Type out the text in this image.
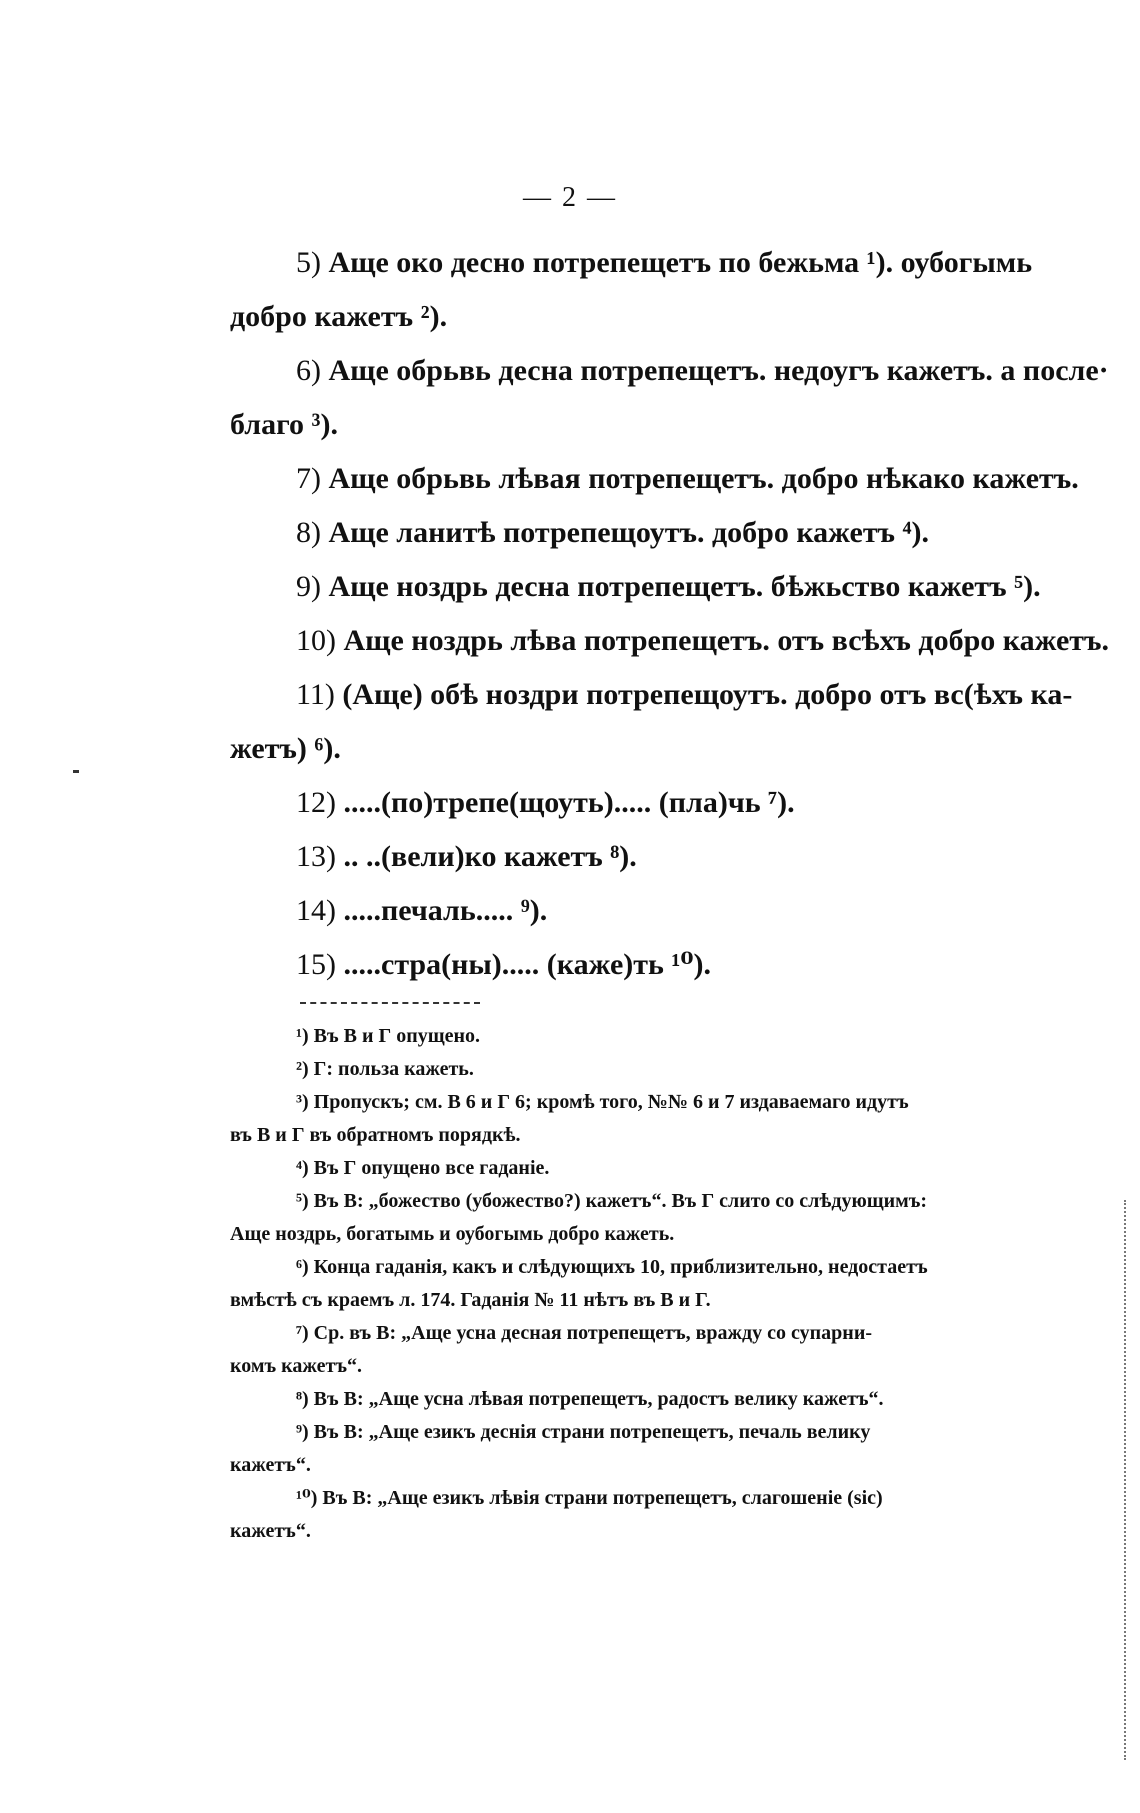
— 2 —
5) Аще око десно потрепещетъ по бежьма ¹). оубогымь
добро кажетъ ²).
6) Аще обрьвь десна потрепещетъ. недоугъ кажетъ. а после·
благо ³).
7) Аще обрьвь лѣвая потрепещетъ. добро нѣкако кажетъ.
8) Аще ланитѣ потрепещоутъ. добро кажетъ ⁴).
9) Аще ноздрь десна потрепещетъ. бѣжьство кажетъ ⁵).
10) Аще ноздрь лѣва потрепещетъ. отъ всѣхъ добро кажетъ.
11) (Аще) обѣ ноздри потрепещоутъ. добро отъ вс(ѣхъ ка-
жетъ) ⁶).
12) .....(по)трепе(щоуть)..... (пла)чь ⁷).
13) .. ..(вели)ко кажетъ ⁸).
14) .....печаль..... ⁹).
15) .....стра(ны)..... (каже)ть ¹⁰).
¹) Въ В и Г опущено.
²) Г: польза кажеть.
³) Пропускъ; см. В 6 и Г 6; кромѣ того, №№ 6 и 7 издаваемаго идутъ
въ В и Г въ обратномъ порядкѣ.
⁴) Въ Г опущено все гаданіе.
⁵) Въ В: „божество (убожество?) кажетъ“. Въ Г слито со слѣдующимъ:
Аще ноздрь, богатымь и оубогымь добро кажеть.
⁶) Конца гаданія, какъ и слѣдующихъ 10, приблизительно, недостаетъ
вмѣстѣ съ краемъ л. 174. Гаданія № 11 нѣтъ въ В и Г.
⁷) Ср. въ В: „Аще усна десная потрепещетъ, вражду со супарни-
комъ кажетъ“.
⁸) Въ В: „Аще усна лѣвая потрепещетъ, радостъ велику кажетъ“.
⁹) Въ В: „Аще езикъ деснія страни потрепещетъ, печаль велику
кажетъ“.
¹⁰) Въ В: „Аще езикъ лѣвія страни потрепещетъ, слагошеніе (sic)
кажетъ“.
